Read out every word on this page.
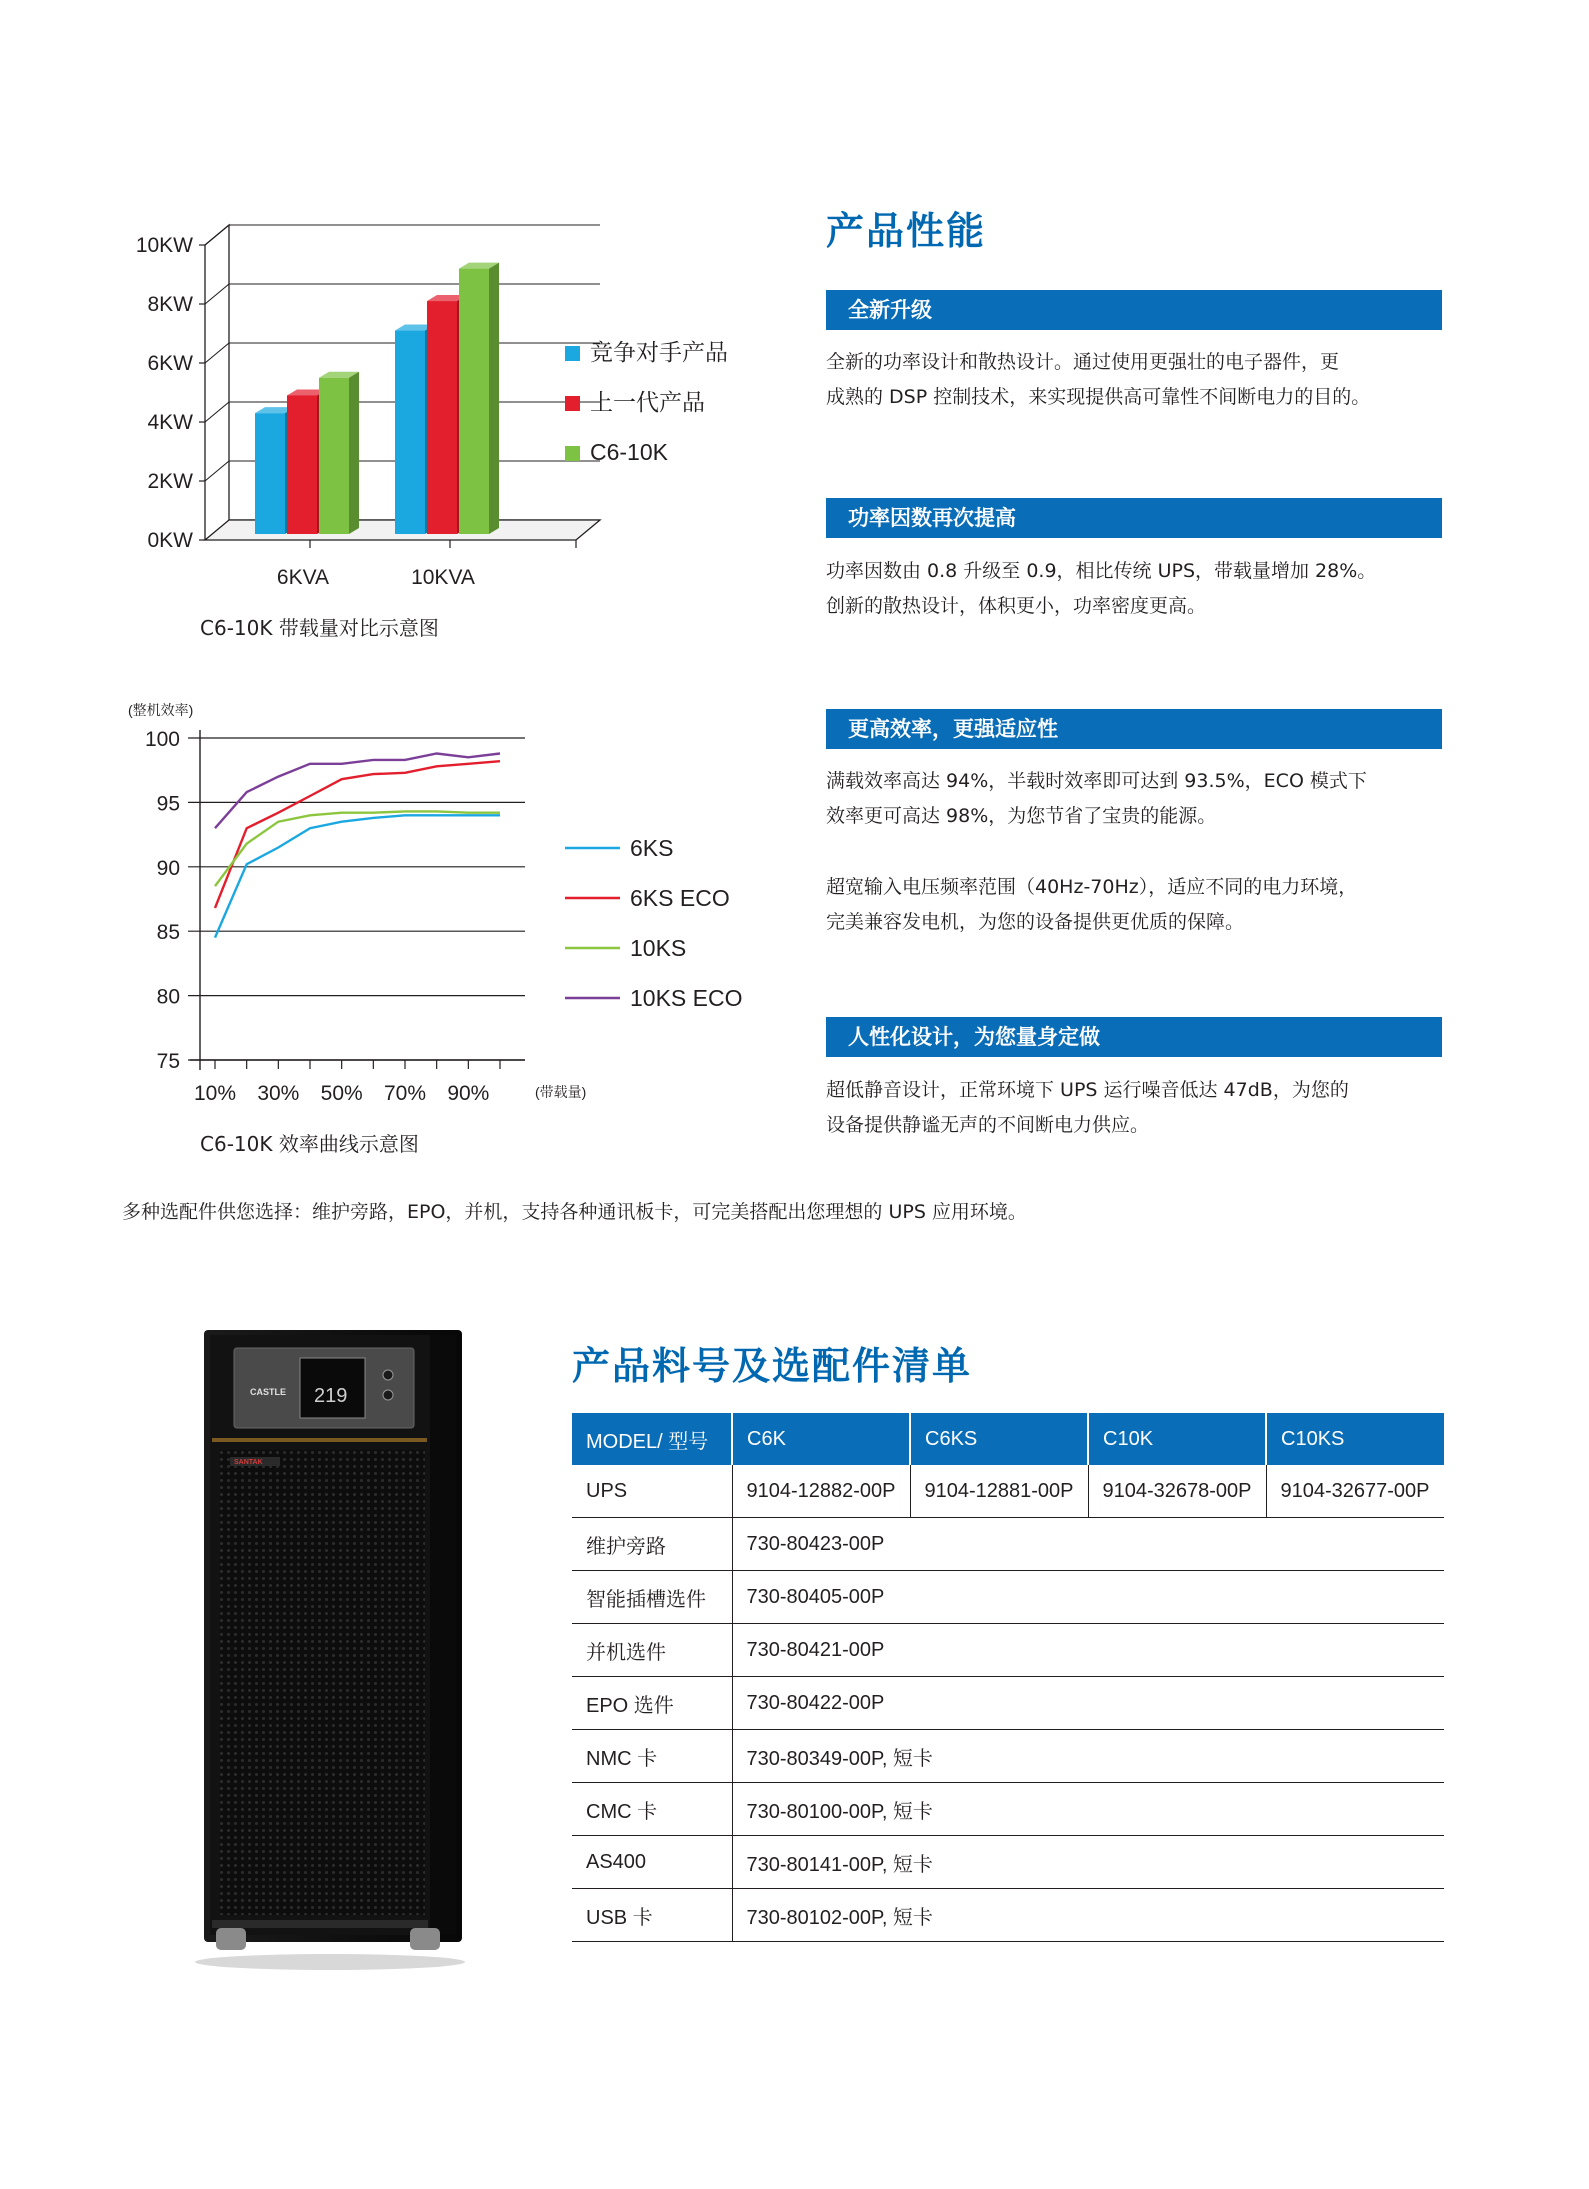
0KW
2KW
4KW
6KW
8KW
10KW
6KVA	10KVA
竞争对手产品
上一代产品
C6-10K
C6-10K 带载量对比示意图
(整机效率)
75
80
85
90
95
100
10% 30% 50% 70% 90%	(带载量)
6KS
6KS ECO
10KS
10KS ECO
C6-10K 效率曲线示意图
产品性能
全新升级

全新的功率设计和散热设计。通过使用更强壮的电子器件，更

成熟的 DSP 控制技术，来实现提供高可靠性不间断电力的目的。

功率因数再次提高

功率因数由 0.8 升级至 0.9，相比传统 UPS，带载量增加 28%。

创新的散热设计，体积更小，功率密度更高。

更高效率，更强适应性

满载效率高达 94%，半载时效率即可达到 93.5%，ECO 模式下

效率更可高达 98%，为您节省了宝贵的能源。

超宽输入电压频率范围（40Hz-70Hz），适应不同的电力环境，

完美兼容发电机，为您的设备提供更优质的保障。

人性化设计，为您量身定做

超低静音设计，正常环境下 UPS 运行噪音低达 47dB，为您的

设备提供静谧无声的不间断电力供应。

多种选配件供您选择：维护旁路，EPO，并机，支持各种通讯板卡，可完美搭配出您理想的 UPS 应用环境。
219
CASTLE
SANTAK
产品料号及选配件清单
MODEL/ 型号	C6K	C6KS	C10K	C10KS
UPS	9104-12882-00P	9104-12881-00P	9104-32678-00P	9104-32677-00P
维护旁路	730-80423-00P			
智能插槽选件	730-80405-00P			
并机选件	730-80421-00P			
EPO 选件	730-80422-00P			
NMC 卡	730-80349-00P, 短卡			
CMC 卡	730-80100-00P, 短卡			
AS400	730-80141-00P, 短卡			
USB 卡	730-80102-00P, 短卡			
